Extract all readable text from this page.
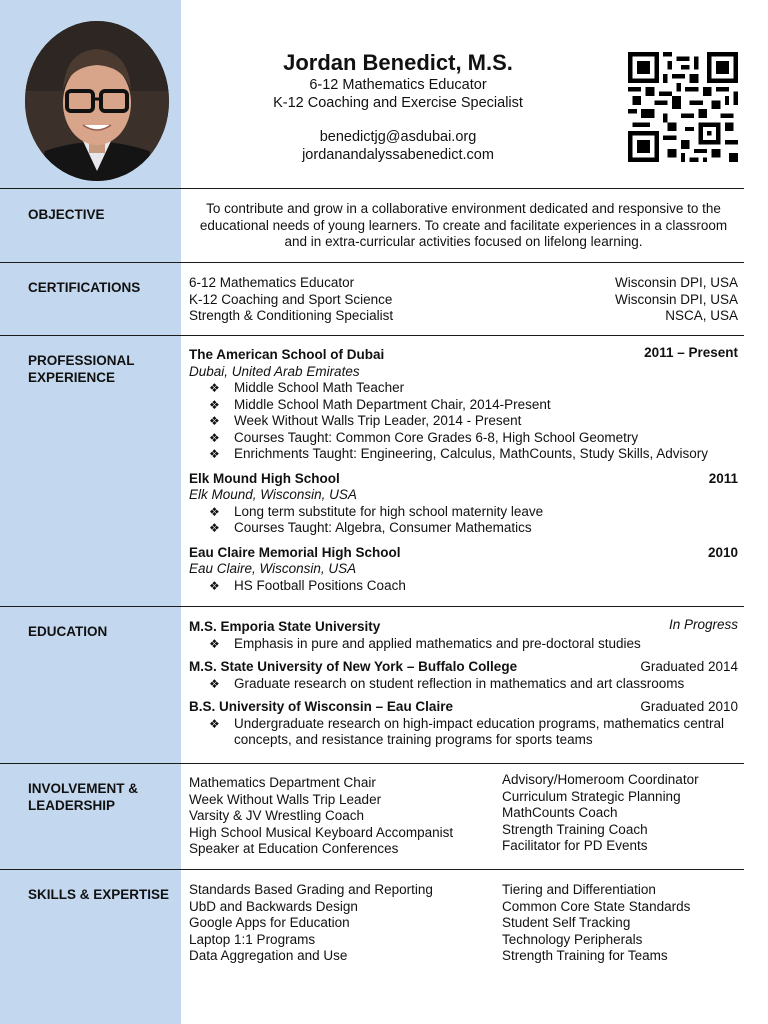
Jordan Benedict, M.S.
6-12 Mathematics Educator
K-12 Coaching and Exercise Specialist
benedictjg@asdubai.org
jordanandalyssabenedict.com
OBJECTIVE	To contribute and grow in a collaborative environment dedicated and responsive to the
educational needs of young learners. To create and facilitate experiences in a classroom
and in extra-curricular activities focused on lifelong learning.
CERTIFICATIONS	6-12 Mathematics Educator	Wisconsin DPI, USA
K-12 Coaching and Sport Science	Wisconsin DPI, USA
Strength & Conditioning Specialist	NSCA, USA
PROFESSIONAL
EXPERIENCE
The American School of Dubai	2011 – Present
Dubai, United Arab Emirates
❖ Middle School Math Teacher
❖ Middle School Math Department Chair, 2014-Present
❖ Week Without Walls Trip Leader, 2014 - Present
❖ Courses Taught: Common Core Grades 6-8, High School Geometry
❖ Enrichments Taught: Engineering, Calculus, MathCounts, Study Skills, Advisory
Elk Mound High School	2011
Elk Mound, Wisconsin, USA
❖ Long term substitute for high school maternity leave
❖ Courses Taught: Algebra, Consumer Mathematics
Eau Claire Memorial High School	2010
Eau Claire, Wisconsin, USA
❖ HS Football Positions Coach
EDUCATION	M.S. Emporia State University	In Progress
❖ Emphasis in pure and applied mathematics and pre-doctoral studies
M.S. State University of New York – Buffalo College	Graduated 2014
❖ Graduate research on student reflection in mathematics and art classrooms
B.S. University of Wisconsin – Eau Claire	Graduated 2010
❖ Undergraduate research on high-impact education programs, mathematics central
concepts, and resistance training programs for sports teams
INVOLVEMENT &
LEADERSHIP
Mathematics Department Chair
Week Without Walls Trip Leader
Varsity & JV Wrestling Coach
High School Musical Keyboard Accompanist
Speaker at Education Conferences
Advisory/Homeroom Coordinator
Curriculum Strategic Planning
MathCounts Coach
Strength Training Coach
Facilitator for PD Events
SKILLS & EXPERTISE	Standards Based Grading and Reporting
UbD and Backwards Design
Google Apps for Education
Laptop 1:1 Programs
Data Aggregation and Use
Tiering and Differentiation
Common Core State Standards
Student Self Tracking
Technology Peripherals
Strength Training for Teams
